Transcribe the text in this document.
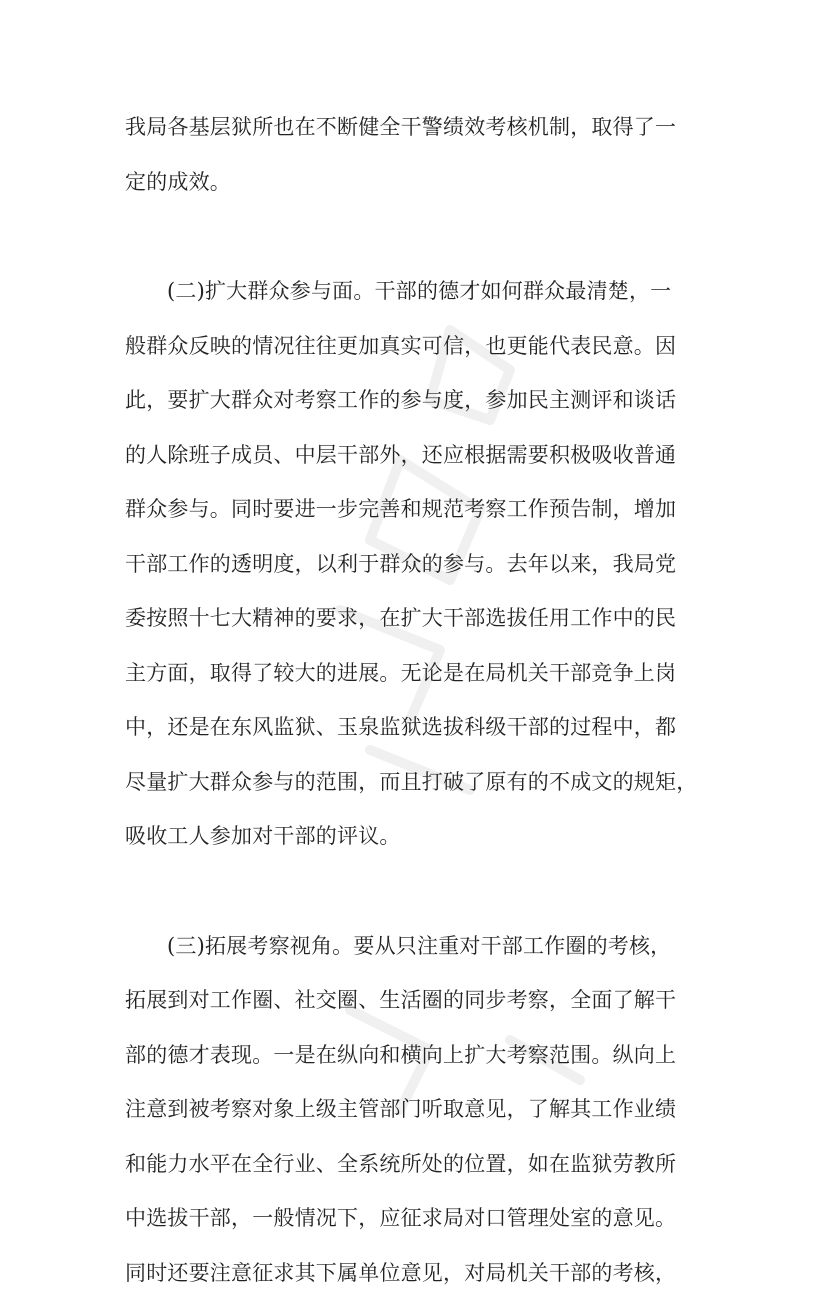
我局各基层狱所也在不断健全干警绩效考核机制，取得了一
定的成效。
(二)扩大群众参与面。干部的德才如何群众最清楚，一
般群众反映的情况往往更加真实可信，也更能代表民意。因
此，要扩大群众对考察工作的参与度，参加民主测评和谈话
的人除班子成员、中层干部外，还应根据需要积极吸收普通
群众参与。同时要进一步完善和规范考察工作预告制，增加
干部工作的透明度，以利于群众的参与。去年以来，我局党
委按照十七大精神的要求，在扩大干部选拔任用工作中的民
主方面，取得了较大的进展。无论是在局机关干部竞争上岗
中，还是在东风监狱、玉泉监狱选拔科级干部的过程中，都
尽量扩大群众参与的范围，而且打破了原有的不成文的规矩，
吸收工人参加对干部的评议。
(三)拓展考察视角。要从只注重对干部工作圈的考核，
拓展到对工作圈、社交圈、生活圈的同步考察，全面了解干
部的德才表现。一是在纵向和横向上扩大考察范围。纵向上
注意到被考察对象上级主管部门听取意见，了解其工作业绩
和能力水平在全行业、全系统所处的位置，如在监狱劳教所
中选拔干部，一般情况下，应征求局对口管理处室的意见。
同时还要注意征求其下属单位意见，对局机关干部的考核，
